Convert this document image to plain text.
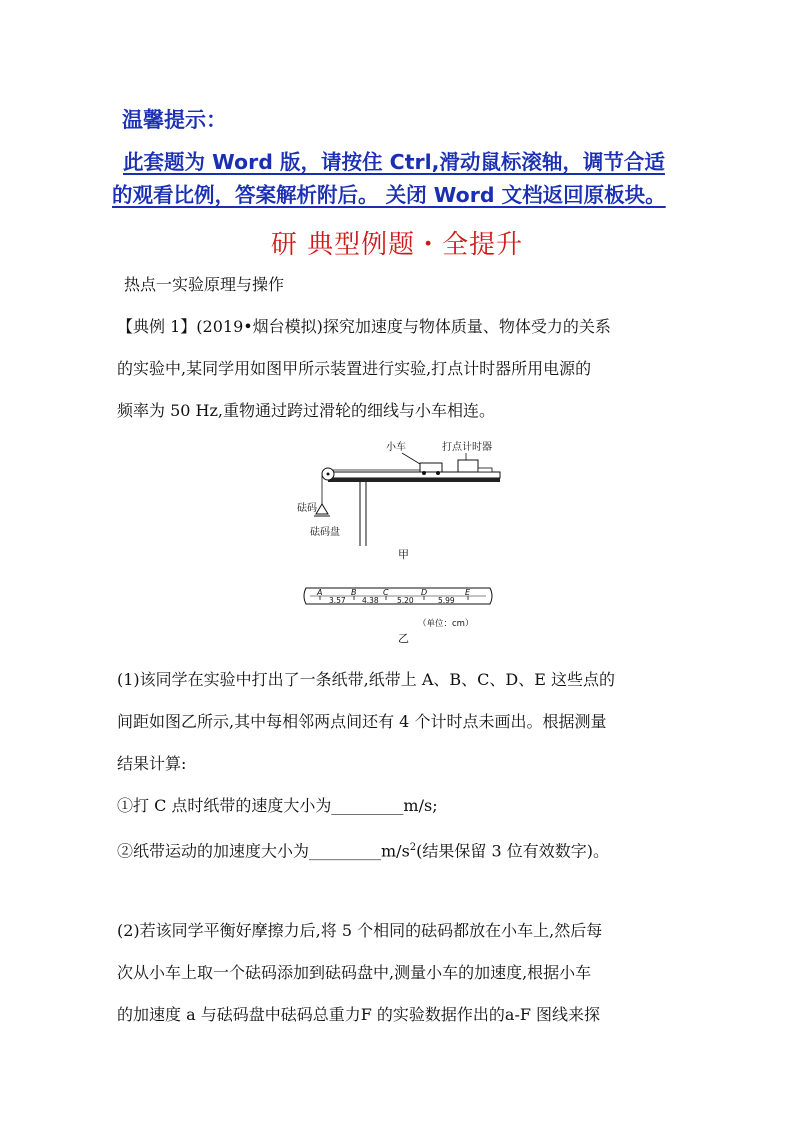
温馨提示：
此套题为 Word 版，请按住 Ctrl,滑动鼠标滚轴，调节合适
的观看比例，答案解析附后。 关闭 Word 文档返回原板块。
研 典型例题・全提升
热点一实验原理与操作
【典例 1】(2019•烟台模拟)探究加速度与物体质量、物体受力的关系
的实验中,某同学用如图甲所示装置进行实验,打点计时器所用电源的
频率为 50 Hz,重物通过跨过滑轮的细线与小车相连。
小车	打点计时器
砝码
砝码盘
甲
A	B	C	D	E
3.57 4.38 5.20	5.99
（单位：cm）
乙
(1)该同学在实验中打出了一条纸带,纸带上 A、B、C、D、E 这些点的
间距如图乙所示,其中每相邻两点间还有 4 个计时点未画出。根据测量
结果计算:
①打 C 点时纸带的速度大小为_________m/s;
②纸带运动的加速度大小为$\_\_\_\_\_\_\_\_\_m/s^2$(结果保留 3 位有效数字)。
(2)若该同学平衡好摩擦力后,将 5 个相同的砝码都放在小车上,然后每
次从小车上取一个砝码添加到砝码盘中,测量小车的加速度,根据小车
的加速度 a 与砝码盘中砝码总重力F 的实验数据作出的a-F 图线来探
